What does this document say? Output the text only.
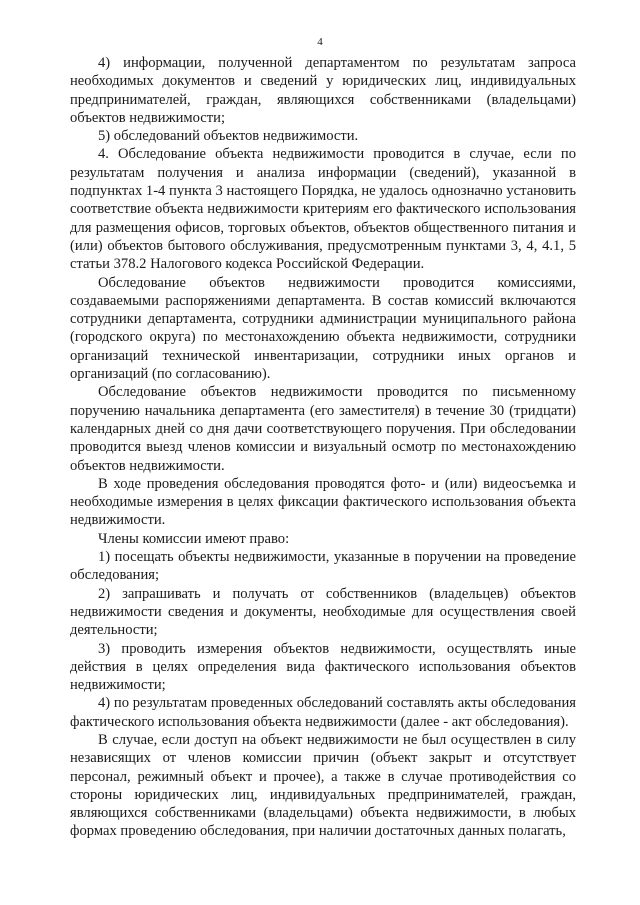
4

4) информации, полученной департаментом по результатам запроса необходимых документов и сведений у юридических лиц, индивидуальных предпринимателей, граждан, являющихся собственниками (владельцами) объектов недвижимости;

5) обследований объектов недвижимости.

4. Обследование объекта недвижимости проводится в случае, если по результатам получения и анализа информации (сведений), указанной в подпунктах 1-4 пункта 3 настоящего Порядка, не удалось однозначно установить соответствие объекта недвижимости критериям его фактического использования для размещения офисов, торговых объектов, объектов общественного питания и (или) объектов бытового обслуживания, предусмотренным пунктами 3, 4, 4.1, 5 статьи 378.2 Налогового кодекса Российской Федерации.

Обследование объектов недвижимости проводится комиссиями, создаваемыми распоряжениями департамента. В состав комиссий включаются сотрудники департамента, сотрудники администрации муниципального района (городского округа) по местонахождению объекта недвижимости, сотрудники организаций технической инвентаризации, сотрудники иных органов и организаций (по согласованию).

Обследование объектов недвижимости проводится по письменному поручению начальника департамента (его заместителя) в течение 30 (тридцати) календарных дней со дня дачи соответствующего поручения. При обследовании проводится выезд членов комиссии и визуальный осмотр по местонахождению объектов недвижимости.

В ходе проведения обследования проводятся фото- и (или) видеосъемка и необходимые измерения в целях фиксации фактического использования объекта недвижимости.

Члены комиссии имеют право:

1) посещать объекты недвижимости, указанные в поручении на проведение обследования;

2) запрашивать и получать от собственников (владельцев) объектов недвижимости сведения и документы, необходимые для осуществления своей деятельности;

3) проводить измерения объектов недвижимости, осуществлять иные действия в целях определения вида фактического использования объектов недвижимости;

4) по результатам проведенных обследований составлять акты обследования фактического использования объекта недвижимости (далее - акт обследования).

В случае, если доступ на объект недвижимости не был осуществлен в силу независящих от членов комиссии причин (объект закрыт и отсутствует персонал, режимный объект и прочее), а также в случае противодействия со стороны юридических лиц, индивидуальных предпринимателей, граждан, являющихся собственниками (владельцами) объекта недвижимости, в любых формах проведению обследования, при наличии достаточных данных полагать,
